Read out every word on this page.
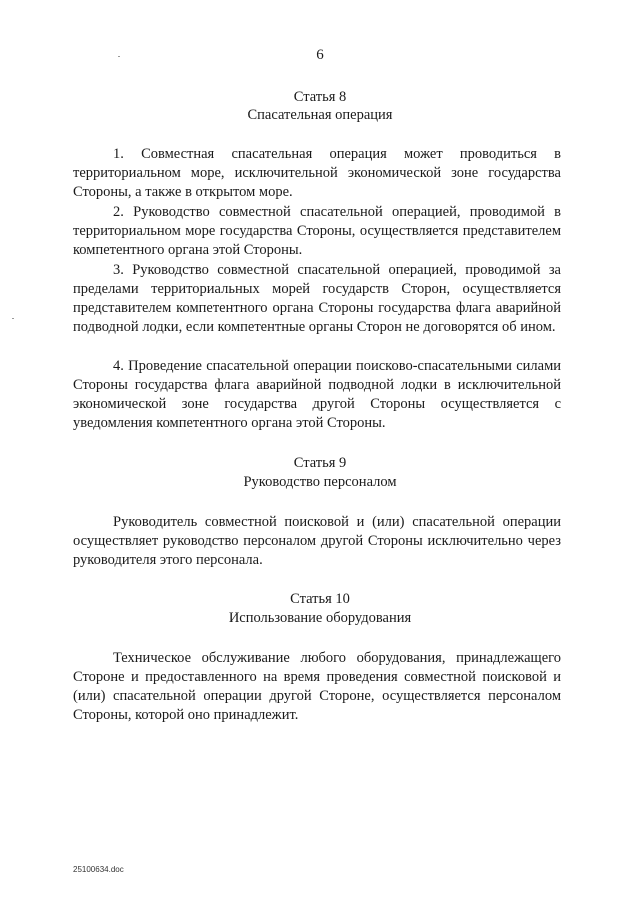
6
Статья 8
Спасательная операция

1. Совместная спасательная операция может проводиться в территориальном море, исключительной экономической зоне государства Стороны, а также в открытом море.

2. Руководство совместной спасательной операцией, проводимой в территориальном море государства Стороны, осуществляется представителем компетентного органа этой Стороны.

3. Руководство совместной спасательной операцией, проводимой за пределами территориальных морей государств Сторон, осуществляется представителем компетентного органа Стороны государства флага аварийной подводной лодки, если компетентные органы Сторон не договорятся об ином.

4. Проведение спасательной операции поисково-спасательными силами Стороны государства флага аварийной подводной лодки в исключительной экономической зоне государства другой Стороны осуществляется с уведомления компетентного органа этой Стороны.

Статья 9
Руководство персоналом

Руководитель совместной поисковой и (или) спасательной операции осуществляет руководство персоналом другой Стороны исключительно через руководителя этого персонала.

Статья 10
Использование оборудования

Техническое обслуживание любого оборудования, принадлежащего Стороне и предоставленного на время проведения совместной поисковой и (или) спасательной операции другой Стороне, осуществляется персоналом Стороны, которой оно принадлежит.

25100634.doc
